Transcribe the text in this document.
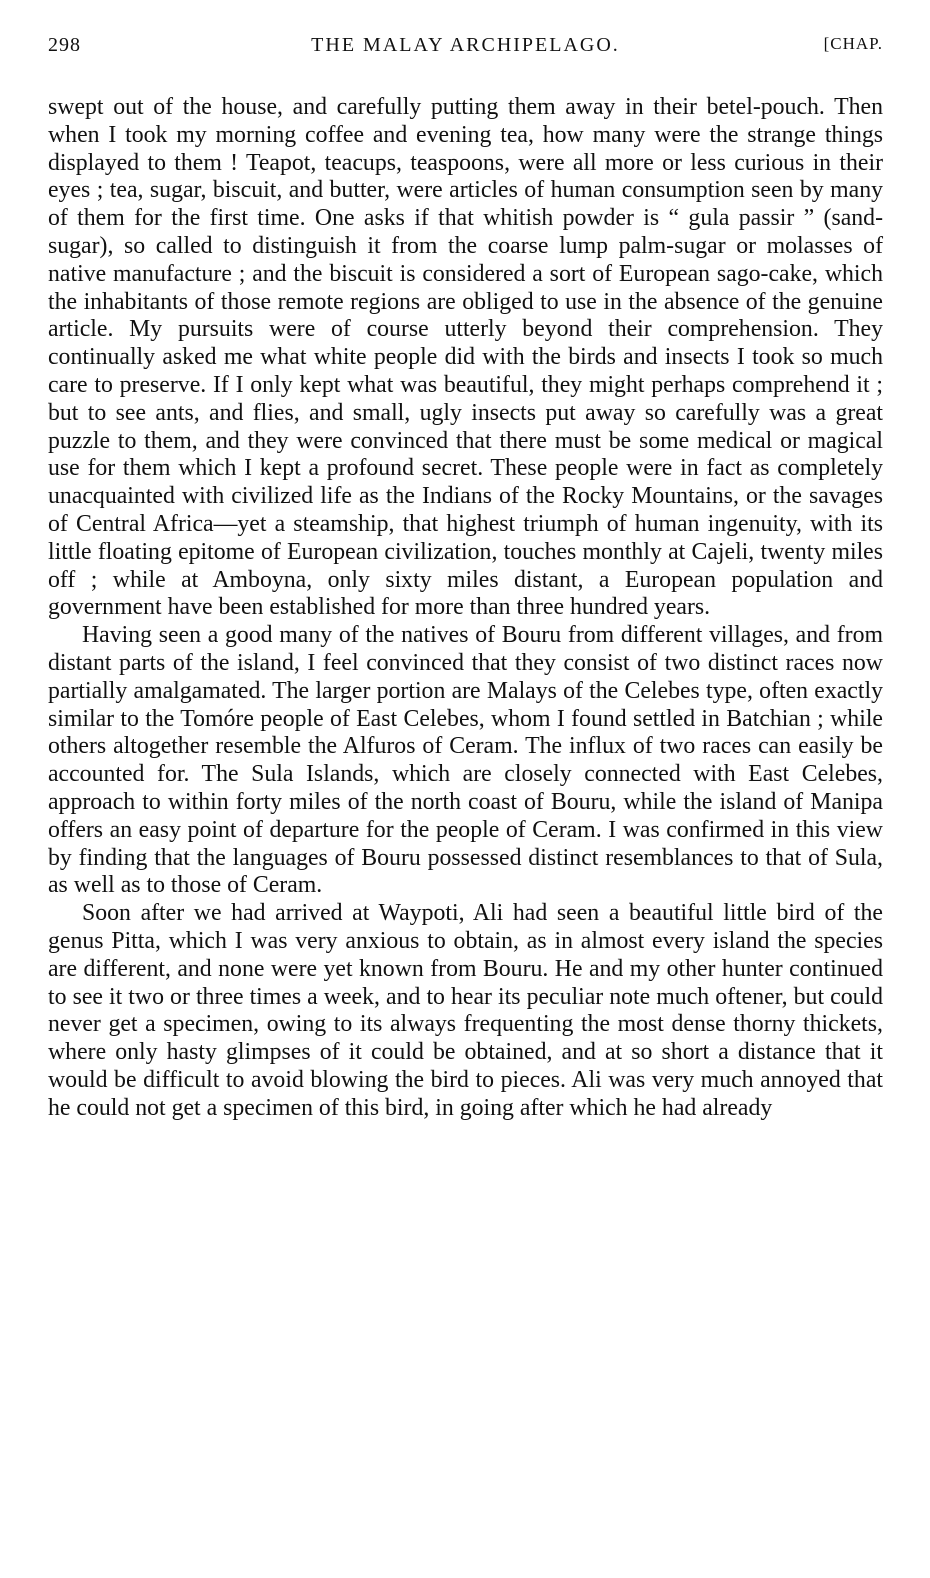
298	THE MALAY ARCHIPELAGO.	[CHAP.

swept out of the house, and carefully putting them away in their betel-pouch. Then when I took my morning coffee and evening tea, how many were the strange things displayed to them ! Teapot, teacups, teaspoons, were all more or less curious in their eyes ; tea, sugar, biscuit, and butter, were articles of human consumption seen by many of them for the first time. One asks if that whitish powder is “ gula passir ” (sand-sugar), so called to distinguish it from the coarse lump palm-sugar or molasses of native manufacture ; and the biscuit is considered a sort of European sago-cake, which the inhabitants of those remote regions are obliged to use in the absence of the genuine article. My pursuits were of course utterly beyond their comprehension. They continually asked me what white people did with the birds and insects I took so much care to preserve. If I only kept what was beautiful, they might perhaps comprehend it ; but to see ants, and flies, and small, ugly insects put away so carefully was a great puzzle to them, and they were convinced that there must be some medical or magical use for them which I kept a profound secret. These people were in fact as completely unacquainted with civilized life as the Indians of the Rocky Mountains, or the savages of Central Africa—yet a steamship, that highest triumph of human ingenuity, with its little floating epitome of European civilization, touches monthly at Cajeli, twenty miles off ; while at Amboyna, only sixty miles distant, a European population and government have been established for more than three hundred years.

Having seen a good many of the natives of Bouru from different villages, and from distant parts of the island, I feel convinced that they consist of two distinct races now partially amalgamated. The larger portion are Malays of the Celebes type, often exactly similar to the Tomóre people of East Celebes, whom I found settled in Batchian ; while others altogether resemble the Alfuros of Ceram. The influx of two races can easily be accounted for. The Sula Islands, which are closely connected with East Celebes, approach to within forty miles of the north coast of Bouru, while the island of Manipa offers an easy point of departure for the people of Ceram. I was confirmed in this view by finding that the languages of Bouru possessed distinct resemblances to that of Sula, as well as to those of Ceram.

Soon after we had arrived at Waypoti, Ali had seen a beautiful little bird of the genus Pitta, which I was very anxious to obtain, as in almost every island the species are different, and none were yet known from Bouru. He and my other hunter continued to see it two or three times a week, and to hear its peculiar note much oftener, but could never get a specimen, owing to its always frequenting the most dense thorny thickets, where only hasty glimpses of it could be obtained, and at so short a distance that it would be difficult to avoid blowing the bird to pieces. Ali was very much annoyed that he could not get a specimen of this bird, in going after which he had already
